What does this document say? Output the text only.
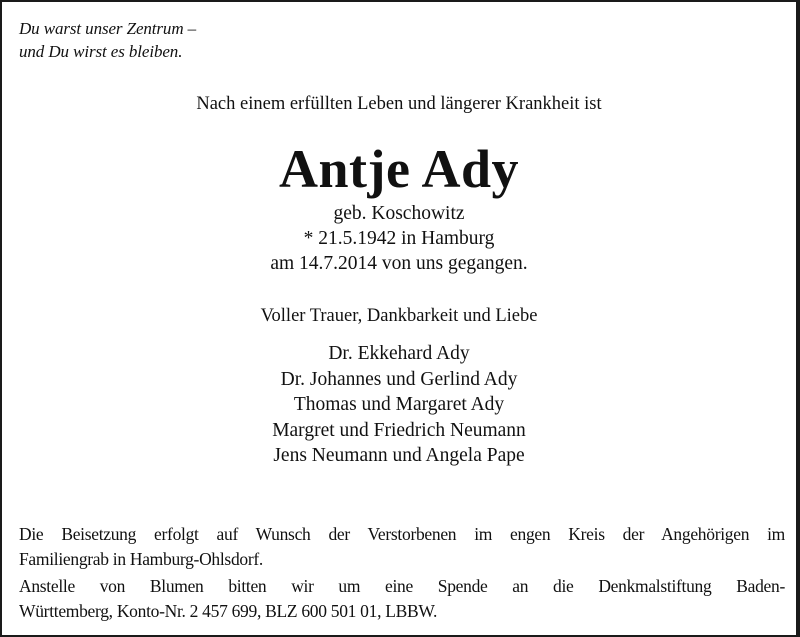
Du warst unser Zentrum –
und Du wirst es bleiben.
Nach einem erfüllten Leben und längerer Krankheit ist
Antje Ady
geb. Koschowitz
* 21.5.1942 in Hamburg
am 14.7.2014 von uns gegangen.
Voller Trauer, Dankbarkeit und Liebe
Dr. Ekkehard Ady
Dr. Johannes und Gerlind Ady
Thomas und Margaret Ady
Margret und Friedrich Neumann
Jens Neumann und Angela Pape
Die Beisetzung erfolgt auf Wunsch der Verstorbenen im engen Kreis der Angehörigen im
Familiengrab in Hamburg-Ohlsdorf.
Anstelle von Blumen bitten wir um eine Spende an die Denkmalstiftung Baden-
Württemberg, Konto-Nr. 2 457 699, BLZ 600 501 01, LBBW.
